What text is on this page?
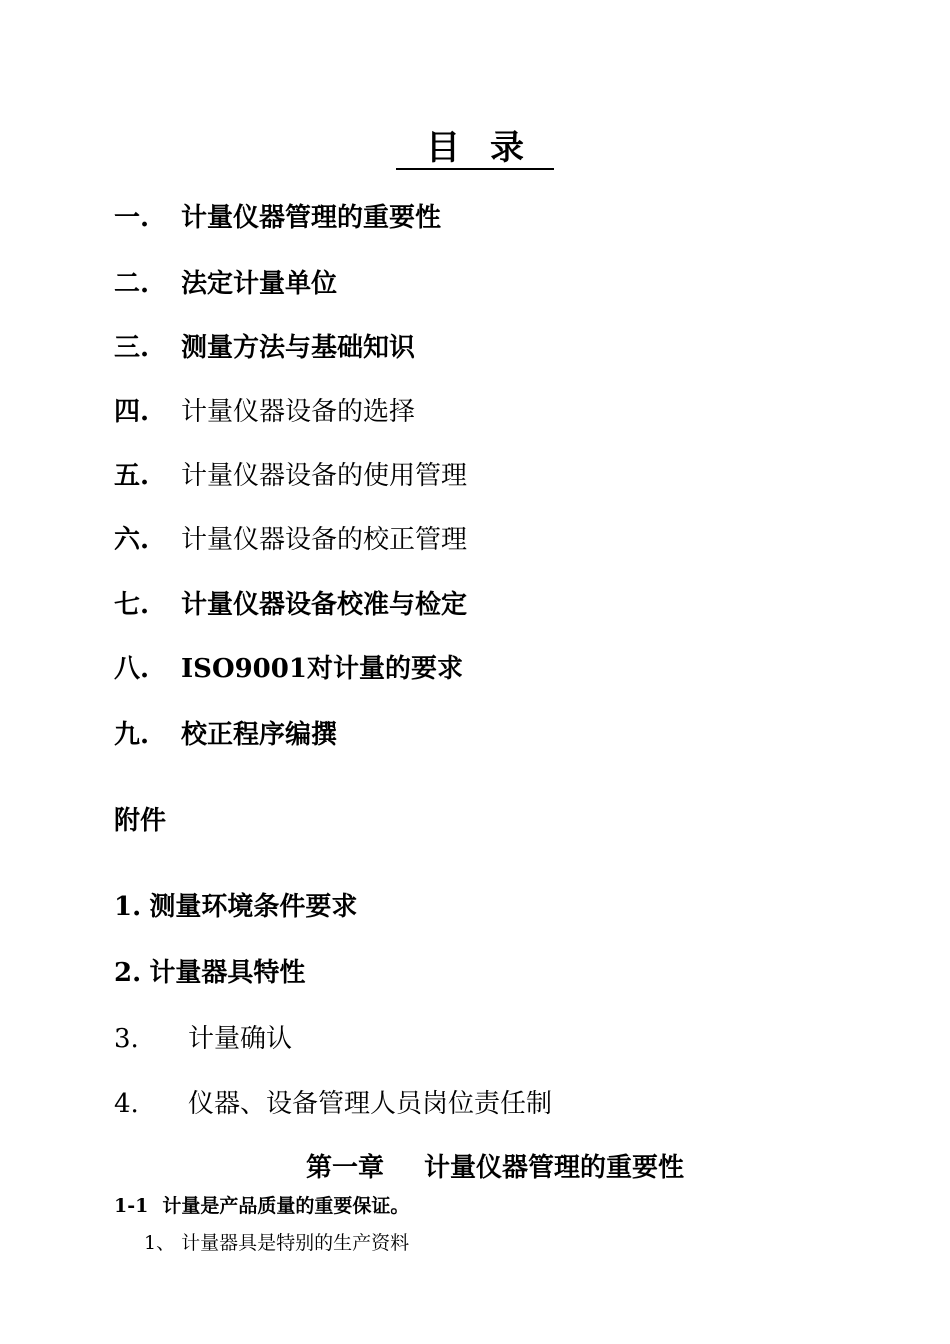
目录
一. 计量仪器管理的重要性
二. 法定计量单位
三. 测量方法与基础知识
四. 计量仪器设备的选择
五. 计量仪器设备的使用管理
六. 计量仪器设备的校正管理
七. 计量仪器设备校准与检定
八. ISO9001对计量的要求
九. 校正程序编撰
附件
1. 测量环境条件要求
2. 计量器具特性
3. 计量确认
4. 仪器、设备管理人员岗位责任制
第一章 计量仪器管理的重要性
1-1 计量是产品质量的重要保证。
1、 计量器具是特别的生产资料
